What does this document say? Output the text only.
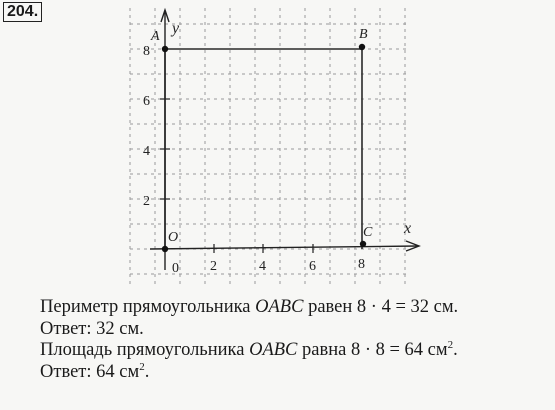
204.
A	B
C
O
y
x
0 2	4	6	8
2
4
6
8
Периметр прямоугольника OABC равен 8 · 4 = 32 см.
Ответ: 32 см.
Площадь прямоугольника OABC равна 8 · 8 = 64 $см^2$.
Ответ: 64 $см^2$.
